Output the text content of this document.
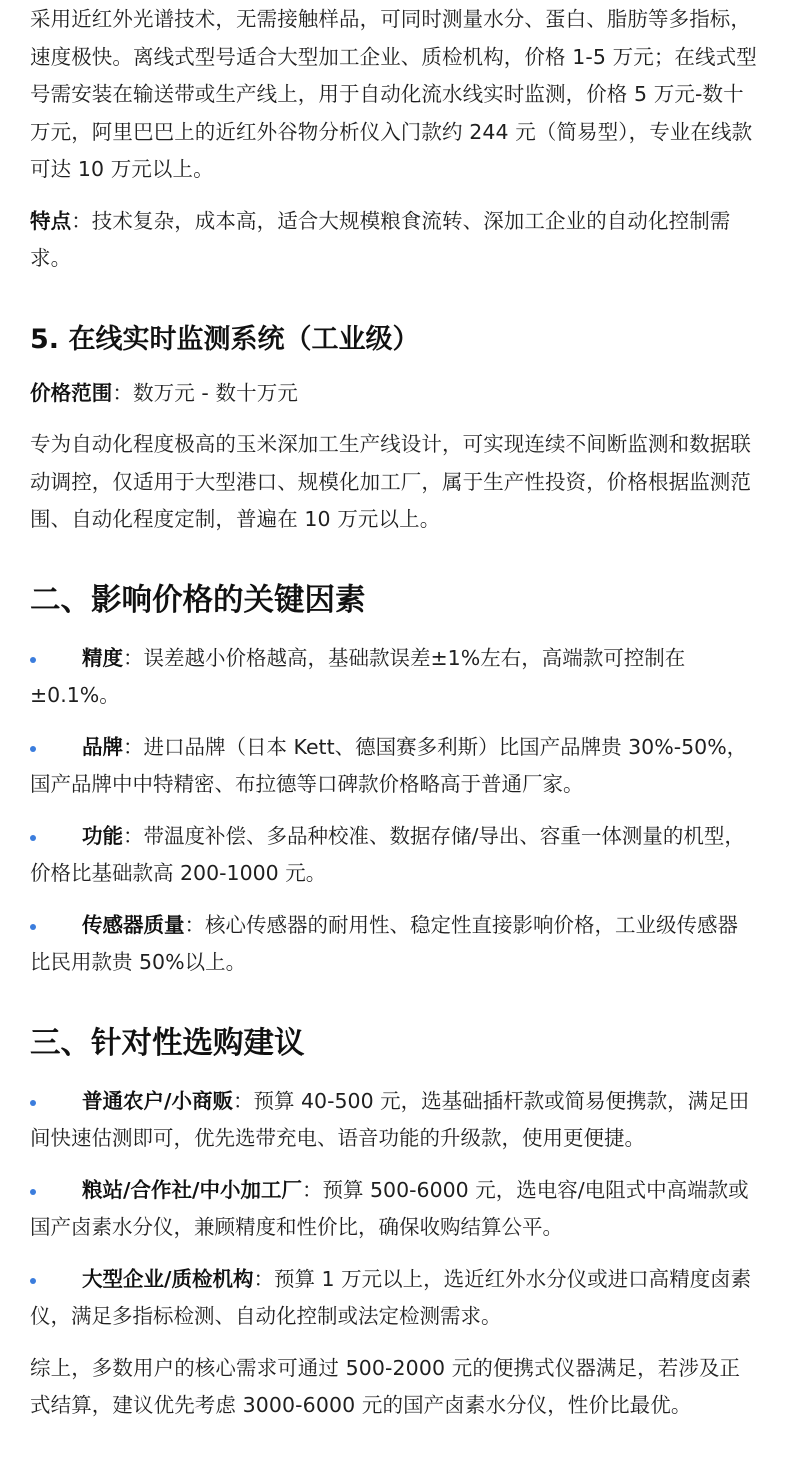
采用近红外光谱技术，无需接触样品，可同时测量水分、蛋白、脂肪等多指标，速度极快。离线式型号适合大型加工企业、质检机构，价格 1-5 万元；在线式型号需安装在输送带或生产线上，用于自动化流水线实时监测，价格 5 万元-数十万元，阿里巴巴上的近红外谷物分析仪入门款约 244 元（简易型），专业在线款可达 10 万元以上。

特点：技术复杂，成本高，适合大规模粮食流转、深加工企业的自动化控制需求。

5. 在线实时监测系统（工业级）

价格范围：数万元 - 数十万元

专为自动化程度极高的玉米深加工生产线设计，可实现连续不间断监测和数据联动调控，仅适用于大型港口、规模化加工厂，属于生产性投资，价格根据监测范围、自动化程度定制，普遍在 10 万元以上。

二、影响价格的关键因素
精度：误差越小价格越高，基础款误差±1%左右，高端款可控制在±0.1%。
品牌：进口品牌（日本 Kett、德国赛多利斯）比国产品牌贵 30%-50%，国产品牌中中特精密、布拉德等口碑款价格略高于普通厂家。
功能：带温度补偿、多品种校准、数据存储/导出、容重一体测量的机型，价格比基础款高 200-1000 元。
传感器质量：核心传感器的耐用性、稳定性直接影响价格，工业级传感器比民用款贵 50%以上。
三、针对性选购建议
普通农户/小商贩：预算 40-500 元，选基础插杆款或简易便携款，满足田间快速估测即可，优先选带充电、语音功能的升级款，使用更便捷。
粮站/合作社/中小加工厂：预算 500-6000 元，选电容/电阻式中高端款或国产卤素水分仪，兼顾精度和性价比，确保收购结算公平。
大型企业/质检机构：预算 1 万元以上，选近红外水分仪或进口高精度卤素仪，满足多指标检测、自动化控制或法定检测需求。

综上，多数用户的核心需求可通过 500-2000 元的便携式仪器满足，若涉及正式结算，建议优先考虑 3000-6000 元的国产卤素水分仪，性价比最优。
